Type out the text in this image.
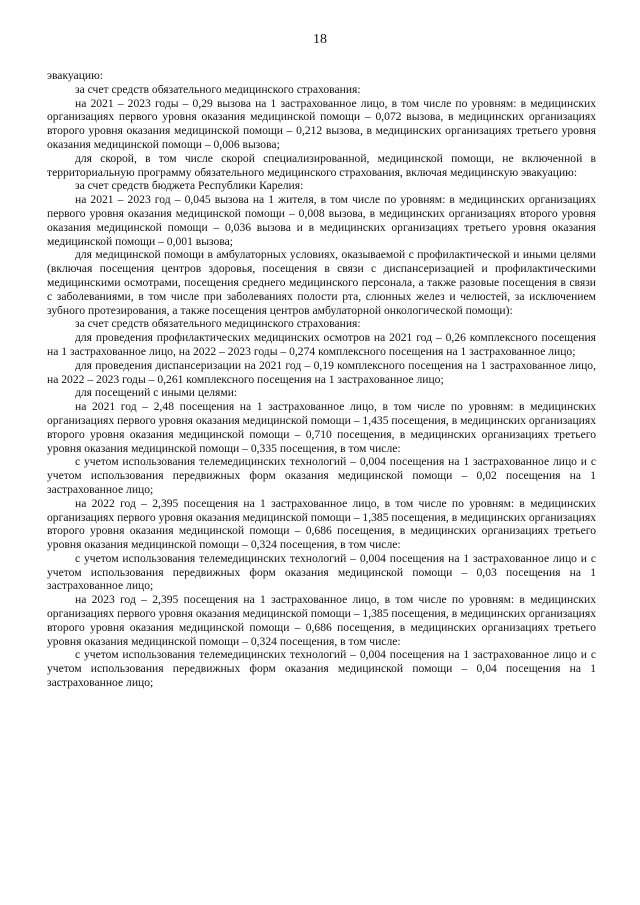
18

эвакуацию:

за счет средств обязательного медицинского страхования:

на 2021 – 2023 годы – 0,29 вызова на 1 застрахованное лицо, в том числе по уровням: в медицинских организациях первого уровня оказания медицинской помощи – 0,072 вызова, в медицинских организациях второго уровня оказания медицинской помощи – 0,212 вызова, в медицинских организациях третьего уровня оказания медицинской помощи – 0,006 вызова;

для скорой, в том числе скорой специализированной, медицинской помощи, не включенной в территориальную программу обязательного медицинского страхования, включая медицинскую эвакуацию:

за счет средств бюджета Республики Карелия:

на 2021 – 2023 год – 0,045 вызова на 1 жителя, в том числе по уровням: в медицинских организациях первого уровня оказания медицинской помощи – 0,008 вызова, в медицинских организациях второго уровня оказания медицинской помощи – 0,036 вызова и в медицинских организациях третьего уровня оказания медицинской помощи – 0,001 вызова;

для медицинской помощи в амбулаторных условиях, оказываемой с профилактической и иными целями (включая посещения центров здоровья, посещения в связи с диспансеризацией и профилактическими медицинскими осмотрами, посещения среднего медицинского персонала, а также разовые посещения в связи с заболеваниями, в том числе при заболеваниях полости рта, слюнных желез и челюстей, за исключением зубного протезирования, а также посещения центров амбулаторной онкологической помощи):

за счет средств обязательного медицинского страхования:

для проведения профилактических медицинских осмотров на 2021 год – 0,26 комплексного посещения на 1 застрахованное лицо, на 2022 – 2023 годы – 0,274 комплексного посещения на 1 застрахованное лицо;

для проведения диспансеризации на 2021 год – 0,19 комплексного посещения на 1 застрахованное лицо, на 2022 – 2023 годы – 0,261 комплексного посещения на 1 застрахованное лицо;

для посещений с иными целями:

на 2021 год – 2,48 посещения на 1 застрахованное лицо, в том числе по уровням: в медицинских организациях первого уровня оказания медицинской помощи – 1,435 посещения, в медицинских организациях второго уровня оказания медицинской помощи – 0,710 посещения, в медицинских организациях третьего уровня оказания медицинской помощи – 0,335 посещения, в том числе:

с учетом использования телемедицинских технологий – 0,004 посещения на 1 застрахованное лицо и с учетом использования передвижных форм оказания медицинской помощи – 0,02 посещения на 1 застрахованное лицо;

на 2022 год – 2,395 посещения на 1 застрахованное лицо, в том числе по уровням: в медицинских организациях первого уровня оказания медицинской помощи – 1,385 посещения, в медицинских организациях второго уровня оказания медицинской помощи – 0,686 посещения, в медицинских организациях третьего уровня оказания медицинской помощи – 0,324 посещения, в том числе:

с учетом использования телемедицинских технологий – 0,004 посещения на 1 застрахованное лицо и с учетом использования передвижных форм оказания медицинской помощи – 0,03 посещения на 1 застрахованное лицо;

на 2023 год – 2,395 посещения на 1 застрахованное лицо, в том числе по уровням: в медицинских организациях первого уровня оказания медицинской помощи – 1,385 посещения, в медицинских организациях второго уровня оказания медицинской помощи – 0,686 посещения, в медицинских организациях третьего уровня оказания медицинской помощи – 0,324 посещения, в том числе:

с учетом использования телемедицинских технологий – 0,004 посещения на 1 застрахованное лицо и с учетом использования передвижных форм оказания медицинской помощи – 0,04 посещения на 1 застрахованное лицо;
